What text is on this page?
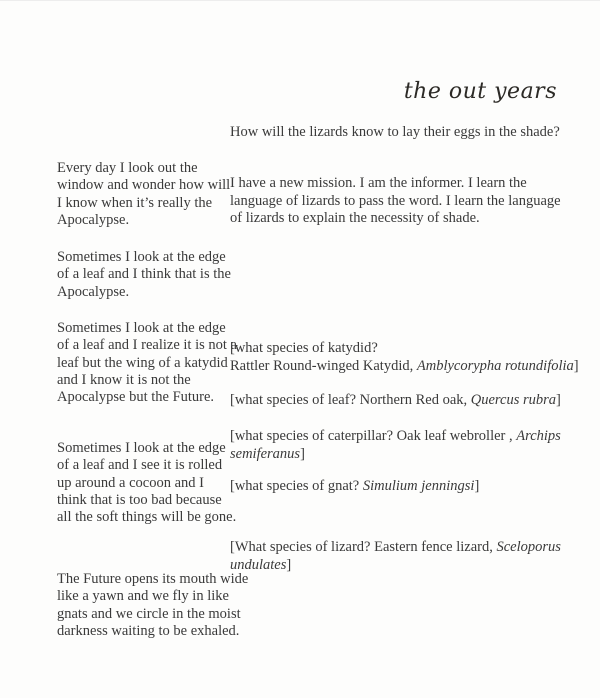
the out years

How will the lizards know to lay their eggs in the shade?

Every day I look out the window and wonder how will I know when it’s really the Apocalypse.
Sometimes I look at the edge of a leaf and I think that is the Apocalypse.
Sometimes I look at the edge of a leaf and I realize it is not a leaf but the wing of a katydid and I know it is not the Apocalypse but the Future.
Sometimes I look at the edge of a leaf and I see it is rolled up around a cocoon and I think that is too bad because all the soft things will be gone.
The Future opens its mouth wide like a yawn and we fly in like gnats and we circle in the moist darkness waiting to be exhaled.
I have a new mission. I am the informer. I learn the language of lizards to pass the word. I learn the language of lizards to explain the necessity of shade.
[what species of katydid?
Rattler Round-winged Katydid, Amblycorypha rotundifolia]
[what species of leaf? Northern Red oak, Quercus rubra]
[what species of caterpillar? Oak leaf webroller , Archips semiferanus]
[what species of gnat? Simulium jenningsi]
[What species of lizard? Eastern fence lizard, Sceloporus undulates]
